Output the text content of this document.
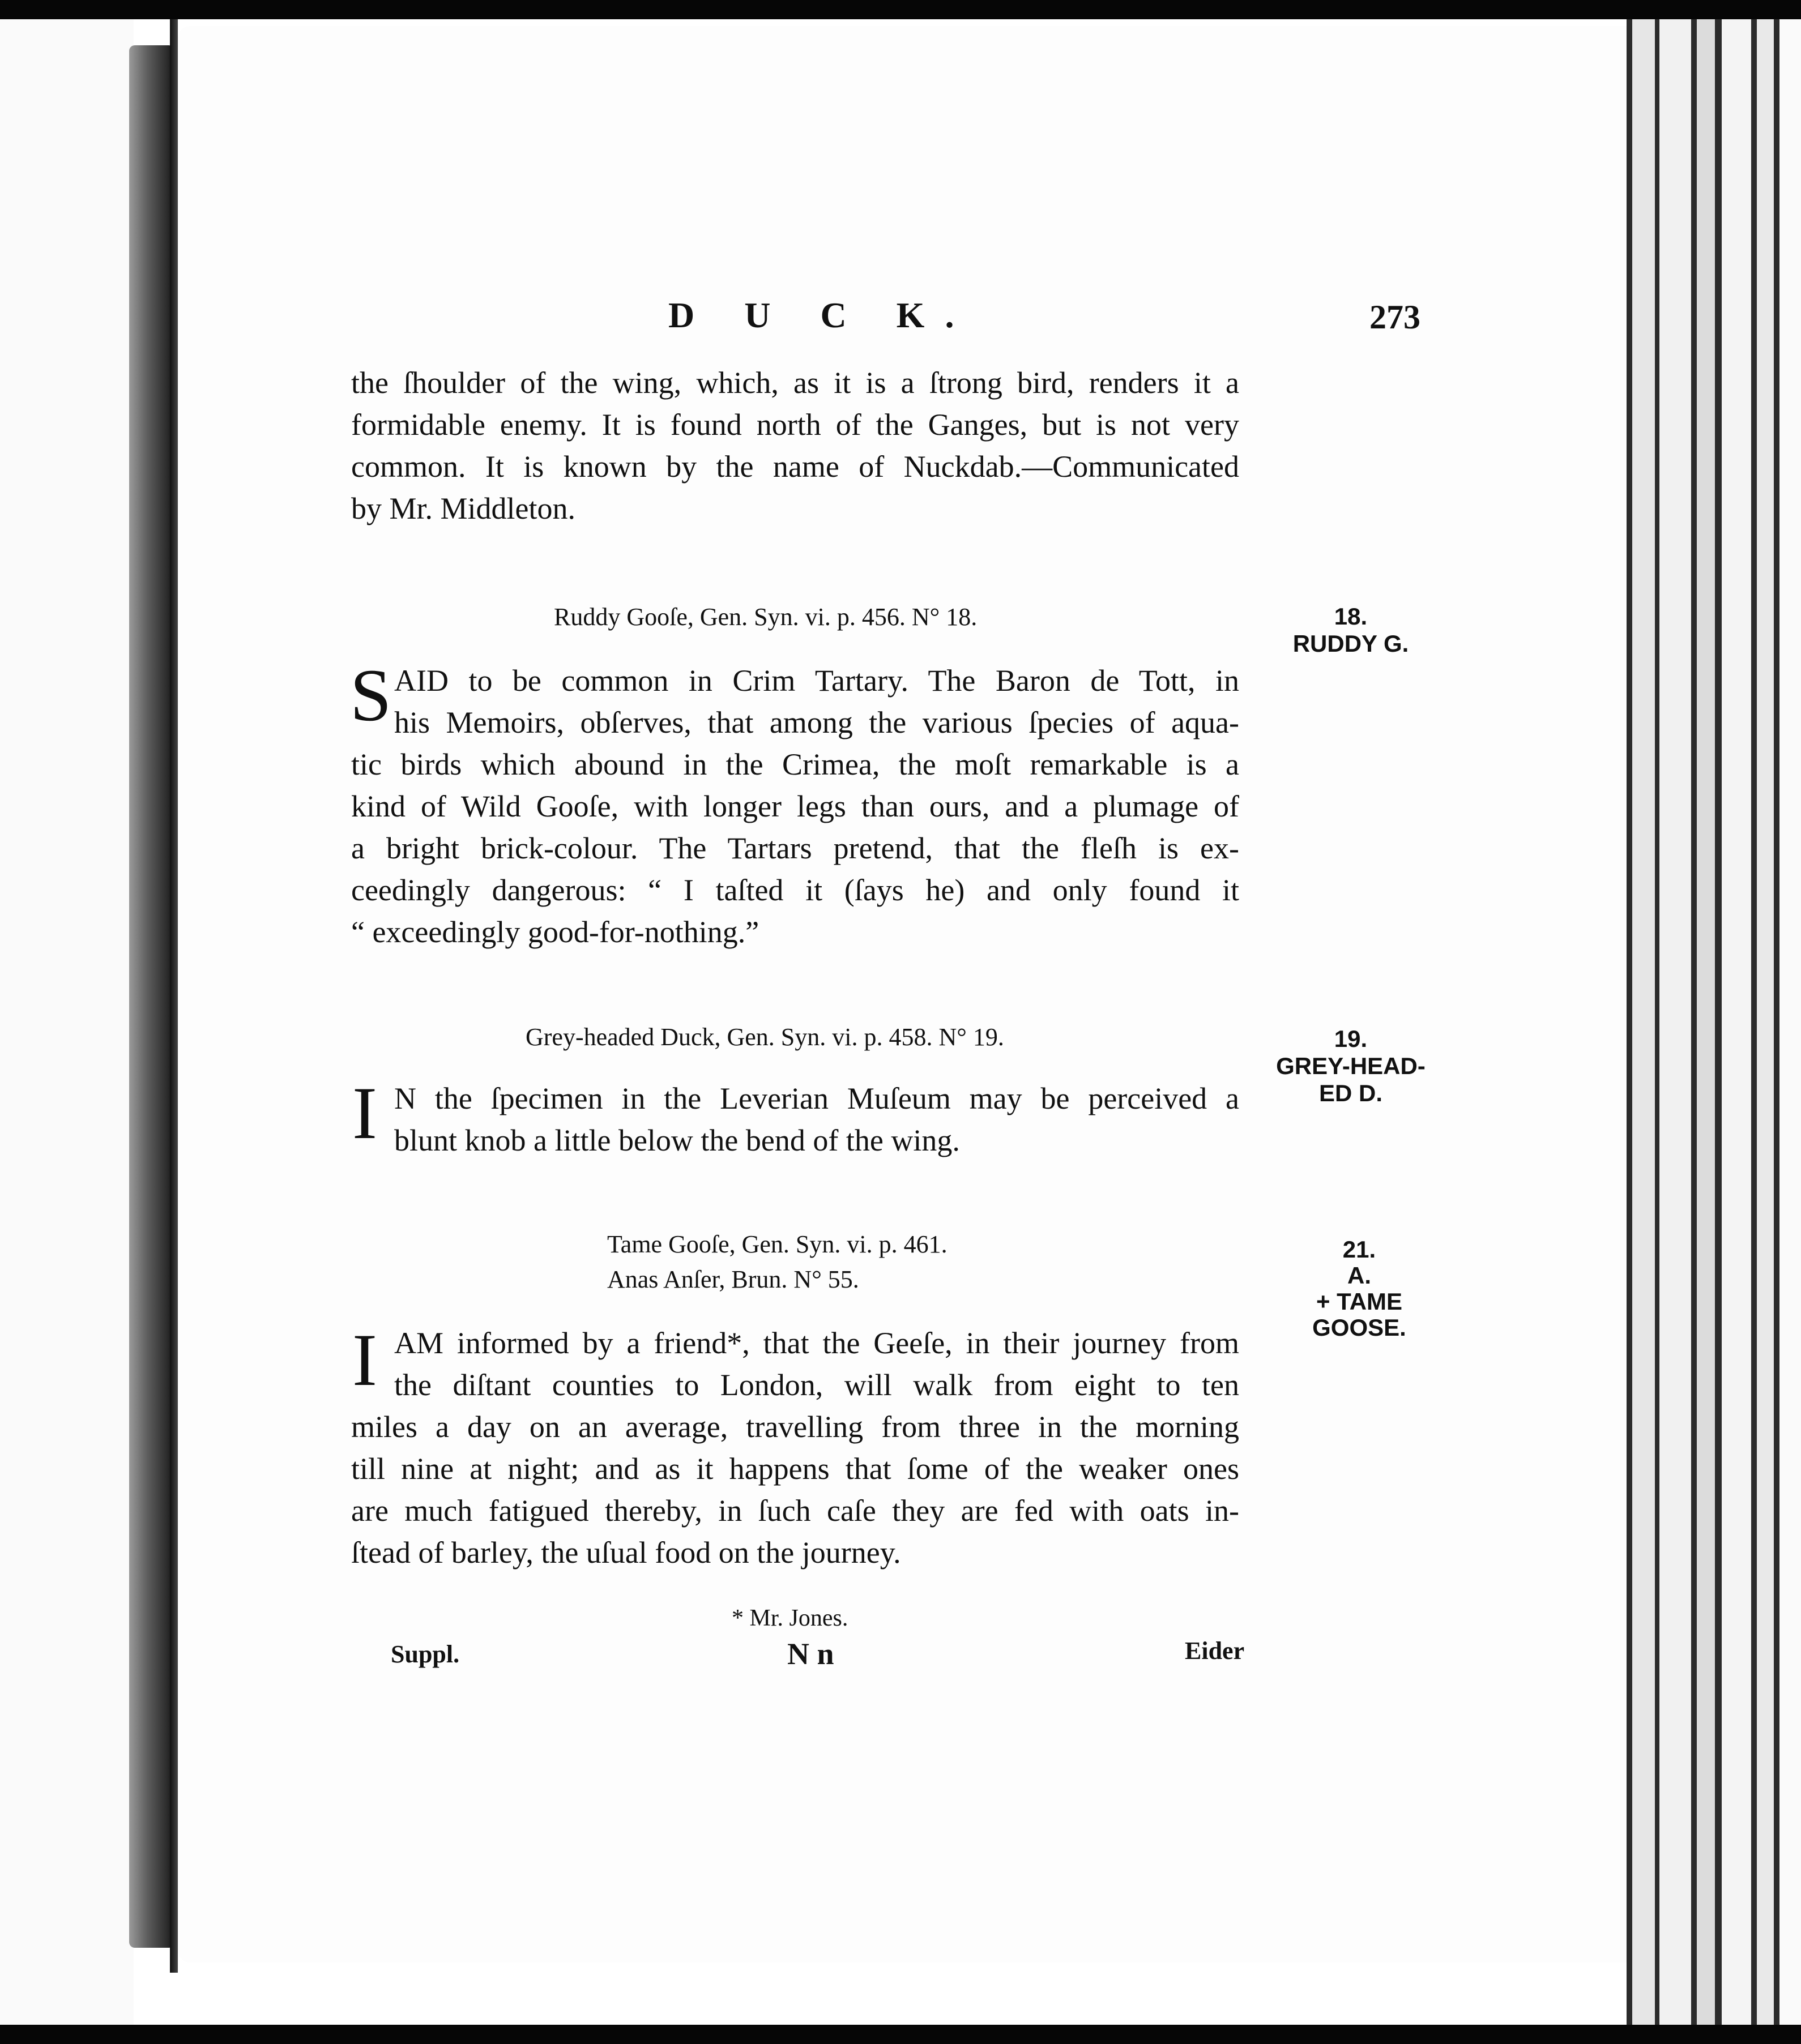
D U C K.	273

the ſhoulder of the wing, which, as it is a ſtrong bird, renders it a

formidable enemy. It is found north of the Ganges, but is not very

common. It is known by the name of Nuckdab.—Communicated

by Mr. Middleton.

Ruddy Gooſe, Gen. Syn. vi. p. 456. N° 18.	18.

RUDDY G.

S AID to be common in Crim Tartary. The Baron de Tott, in

his Memoirs, obſerves, that among the various ſpecies of aqua-

tic birds which abound in the Crimea, the moſt remarkable is a

kind of Wild Gooſe, with longer legs than ours, and a plumage of

a bright brick-colour. The Tartars pretend, that the fleſh is ex-

ceedingly dangerous: “ I taſted it (ſays he) and only found it

“ exceedingly good-for-nothing.”

Grey-headed Duck, Gen. Syn. vi. p. 458. N° 19.	19.

GREY-HEAD-

ED D.

I N the ſpecimen in the Leverian Muſeum may be perceived a

blunt knob a little below the bend of the wing.

Tame Gooſe, Gen. Syn. vi. p. 461.

Anas Anſer, Brun. N° 55.

21.

A.

+ TAME

GOOSE.

I AM informed by a friend*, that the Geeſe, in their journey from

the diſtant counties to London, will walk from eight to ten

miles a day on an average, travelling from three in the morning

till nine at night; and as it happens that ſome of the weaker ones

are much fatigued thereby, in ſuch caſe they are fed with oats in-

ſtead of barley, the uſual food on the journey.

* Mr. Jones.

Suppl.	N n	Eider
